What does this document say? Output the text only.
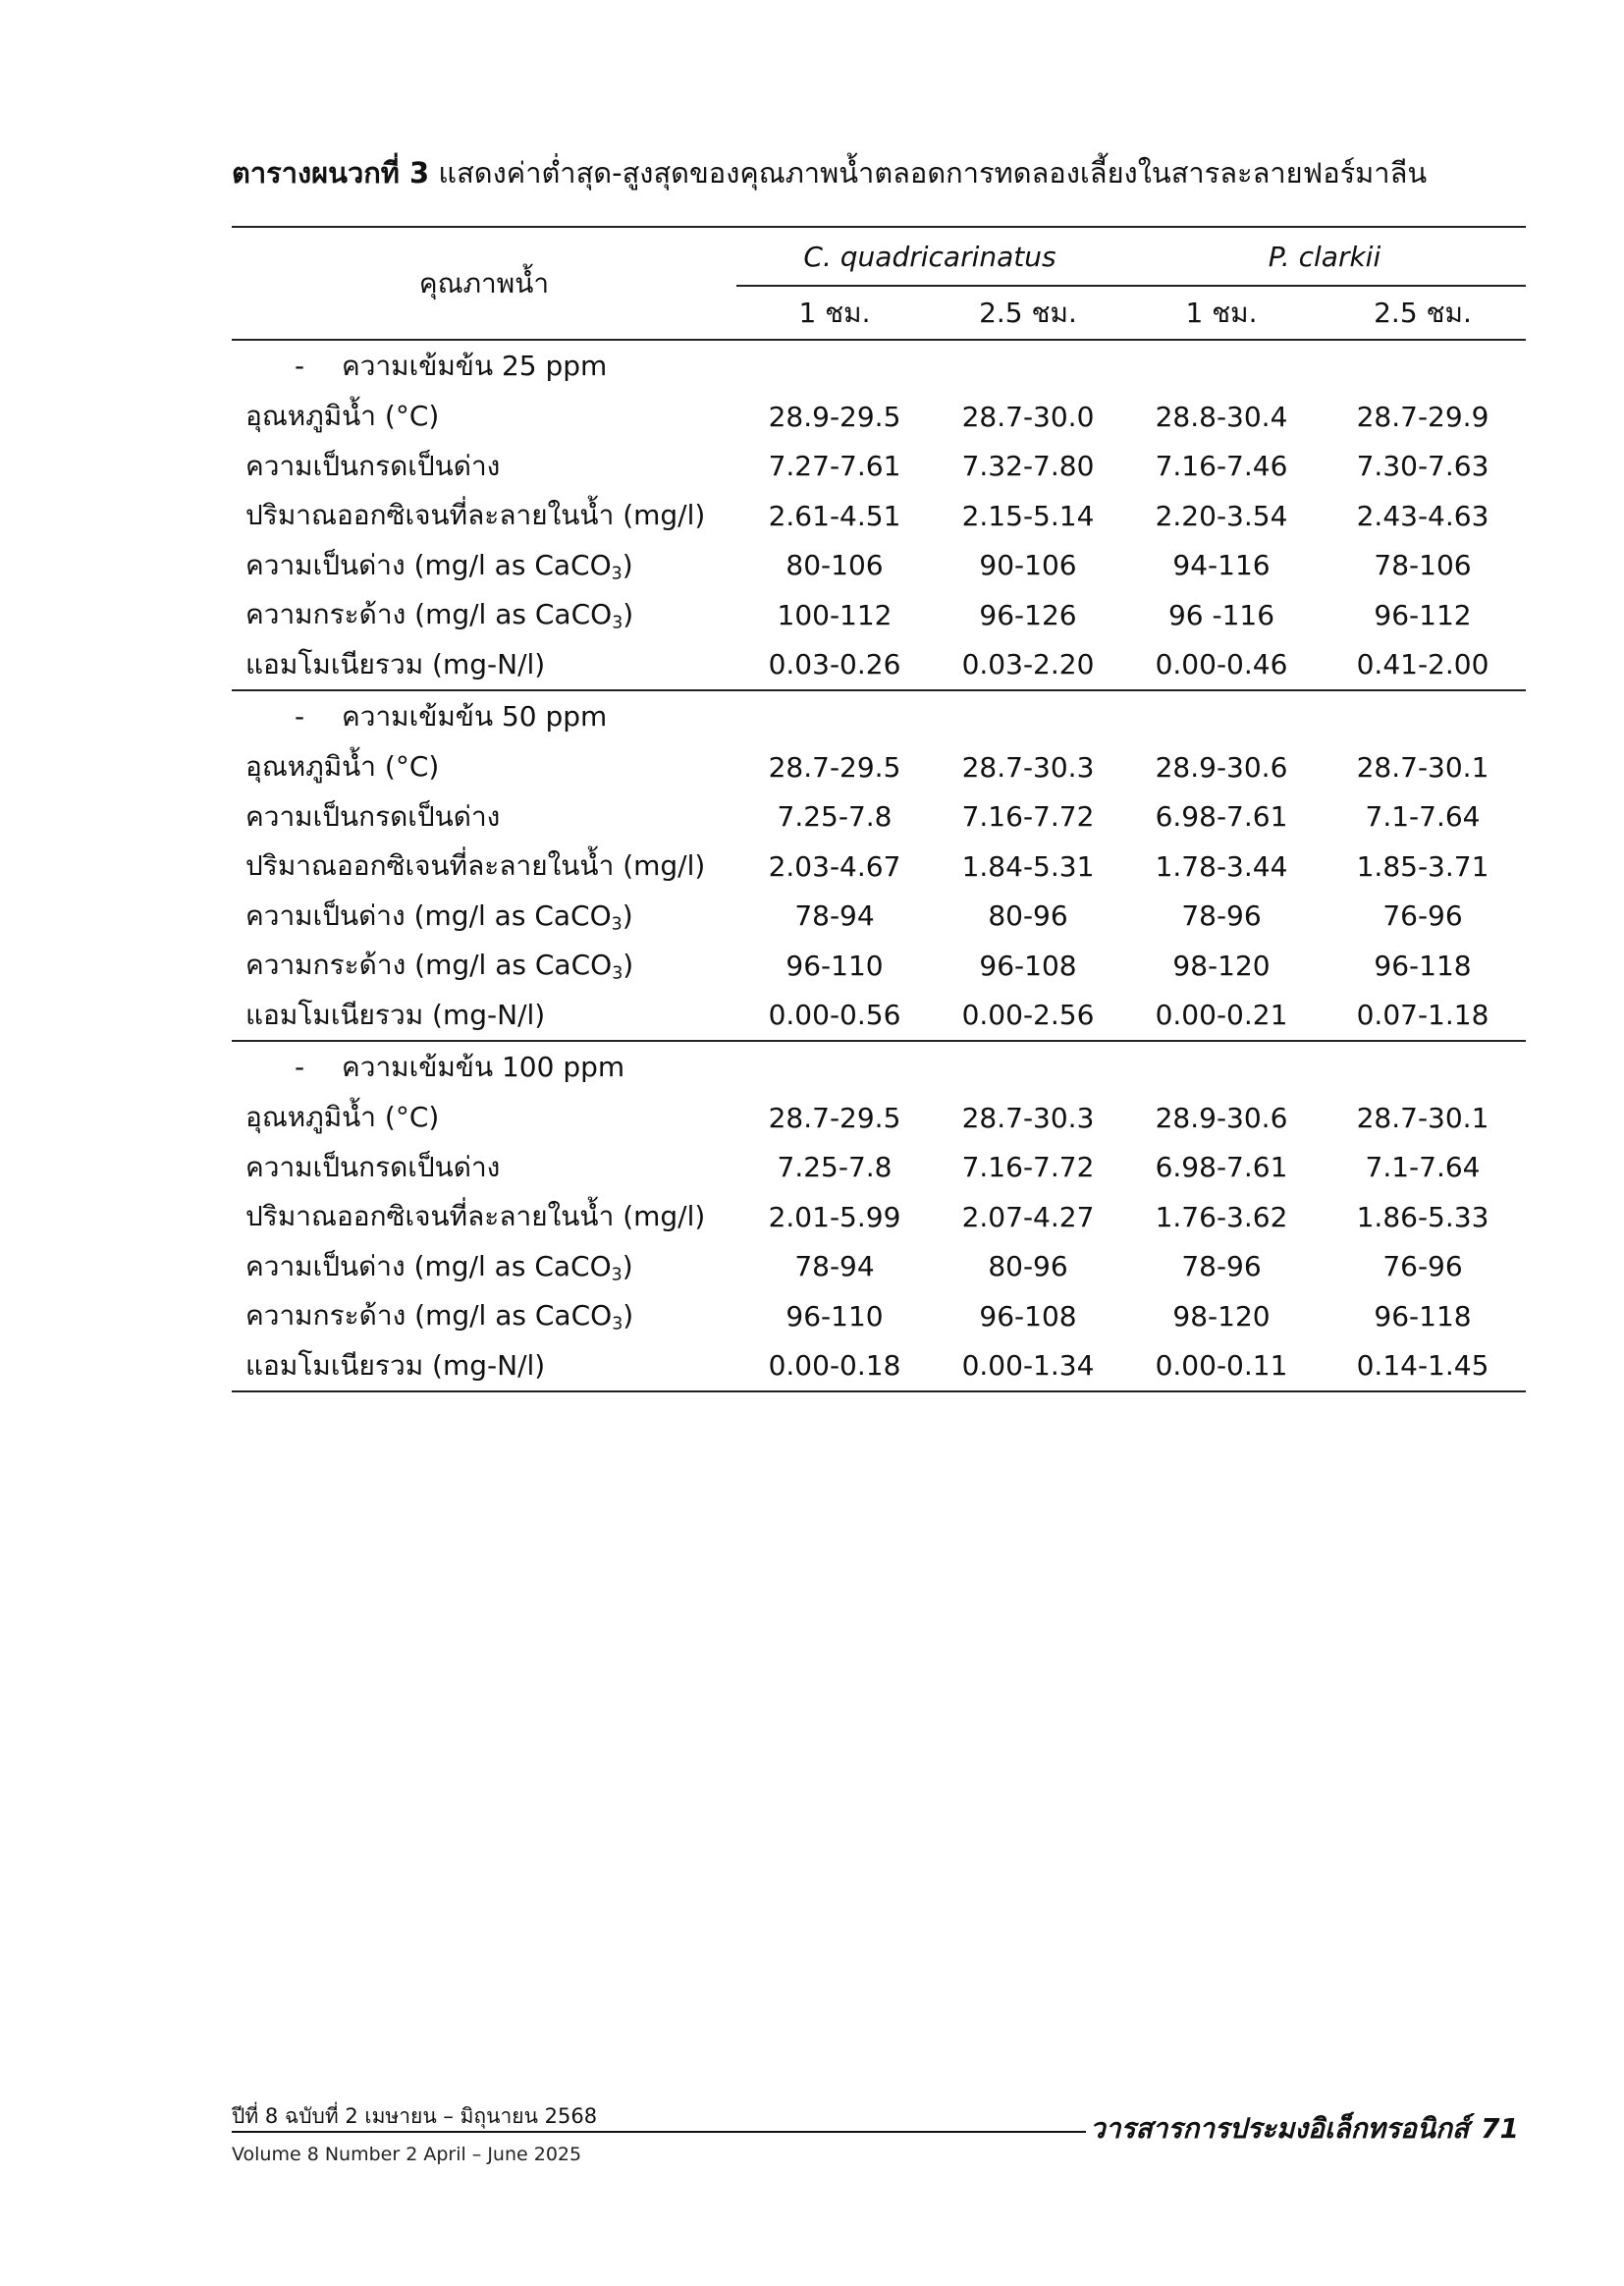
ตารางผนวกที่ 3 แสดงค่าต่ำสุด-สูงสุดของคุณภาพน้ำตลอดการทดลองเลี้ยงในสารละลายฟอร์มาลีน
คุณภาพน้ำ	C. quadricarinatus		P. clarkii	
	1 ชม.	2.5 ชม.	1 ชม.	2.5 ชม.
- ความเข้มข้น 25 ppm				
อุณหภูมิน้ำ (°C)	28.9-29.5	28.7-30.0	28.8-30.4	28.7-29.9
ความเป็นกรดเป็นด่าง	7.27-7.61	7.32-7.80	7.16-7.46	7.30-7.63
ปริมาณออกซิเจนที่ละลายในน้ำ (mg/l)	2.61-4.51	2.15-5.14	2.20-3.54	2.43-4.63
ความเป็นด่าง (mg/l as CaCO$_3$)	80-106	90-106	94-116	78-106
ความกระด้าง (mg/l as CaCO$_3$)	100-112	96-126	96 -116	96-112
แอมโมเนียรวม (mg-N/l)	0.03-0.26	0.03-2.20	0.00-0.46	0.41-2.00
- ความเข้มข้น 50 ppm				
อุณหภูมิน้ำ (°C)	28.7-29.5	28.7-30.3	28.9-30.6	28.7-30.1
ความเป็นกรดเป็นด่าง	7.25-7.8	7.16-7.72	6.98-7.61	7.1-7.64
ปริมาณออกซิเจนที่ละลายในน้ำ (mg/l)	2.03-4.67	1.84-5.31	1.78-3.44	1.85-3.71
ความเป็นด่าง (mg/l as CaCO$_3$)	78-94	80-96	78-96	76-96
ความกระด้าง (mg/l as CaCO$_3$)	96-110	96-108	98-120	96-118
แอมโมเนียรวม (mg-N/l)	0.00-0.56	0.00-2.56	0.00-0.21	0.07-1.18
- ความเข้มข้น 100 ppm				
อุณหภูมิน้ำ (°C)	28.7-29.5	28.7-30.3	28.9-30.6	28.7-30.1
ความเป็นกรดเป็นด่าง	7.25-7.8	7.16-7.72	6.98-7.61	7.1-7.64
ปริมาณออกซิเจนที่ละลายในน้ำ (mg/l)	2.01-5.99	2.07-4.27	1.76-3.62	1.86-5.33
ความเป็นด่าง (mg/l as CaCO$_3$)	78-94	80-96	78-96	76-96
ความกระด้าง (mg/l as CaCO$_3$)	96-110	96-108	98-120	96-118
แอมโมเนียรวม (mg-N/l)	0.00-0.18	0.00-1.34	0.00-0.11	0.14-1.45
ปีที่ 8 ฉบับที่ 2 เมษายน – มิถุนายน 2568
Volume 8 Number 2 April – June 2025
วารสารการประมงอิเล็กทรอนิกส์ 71
